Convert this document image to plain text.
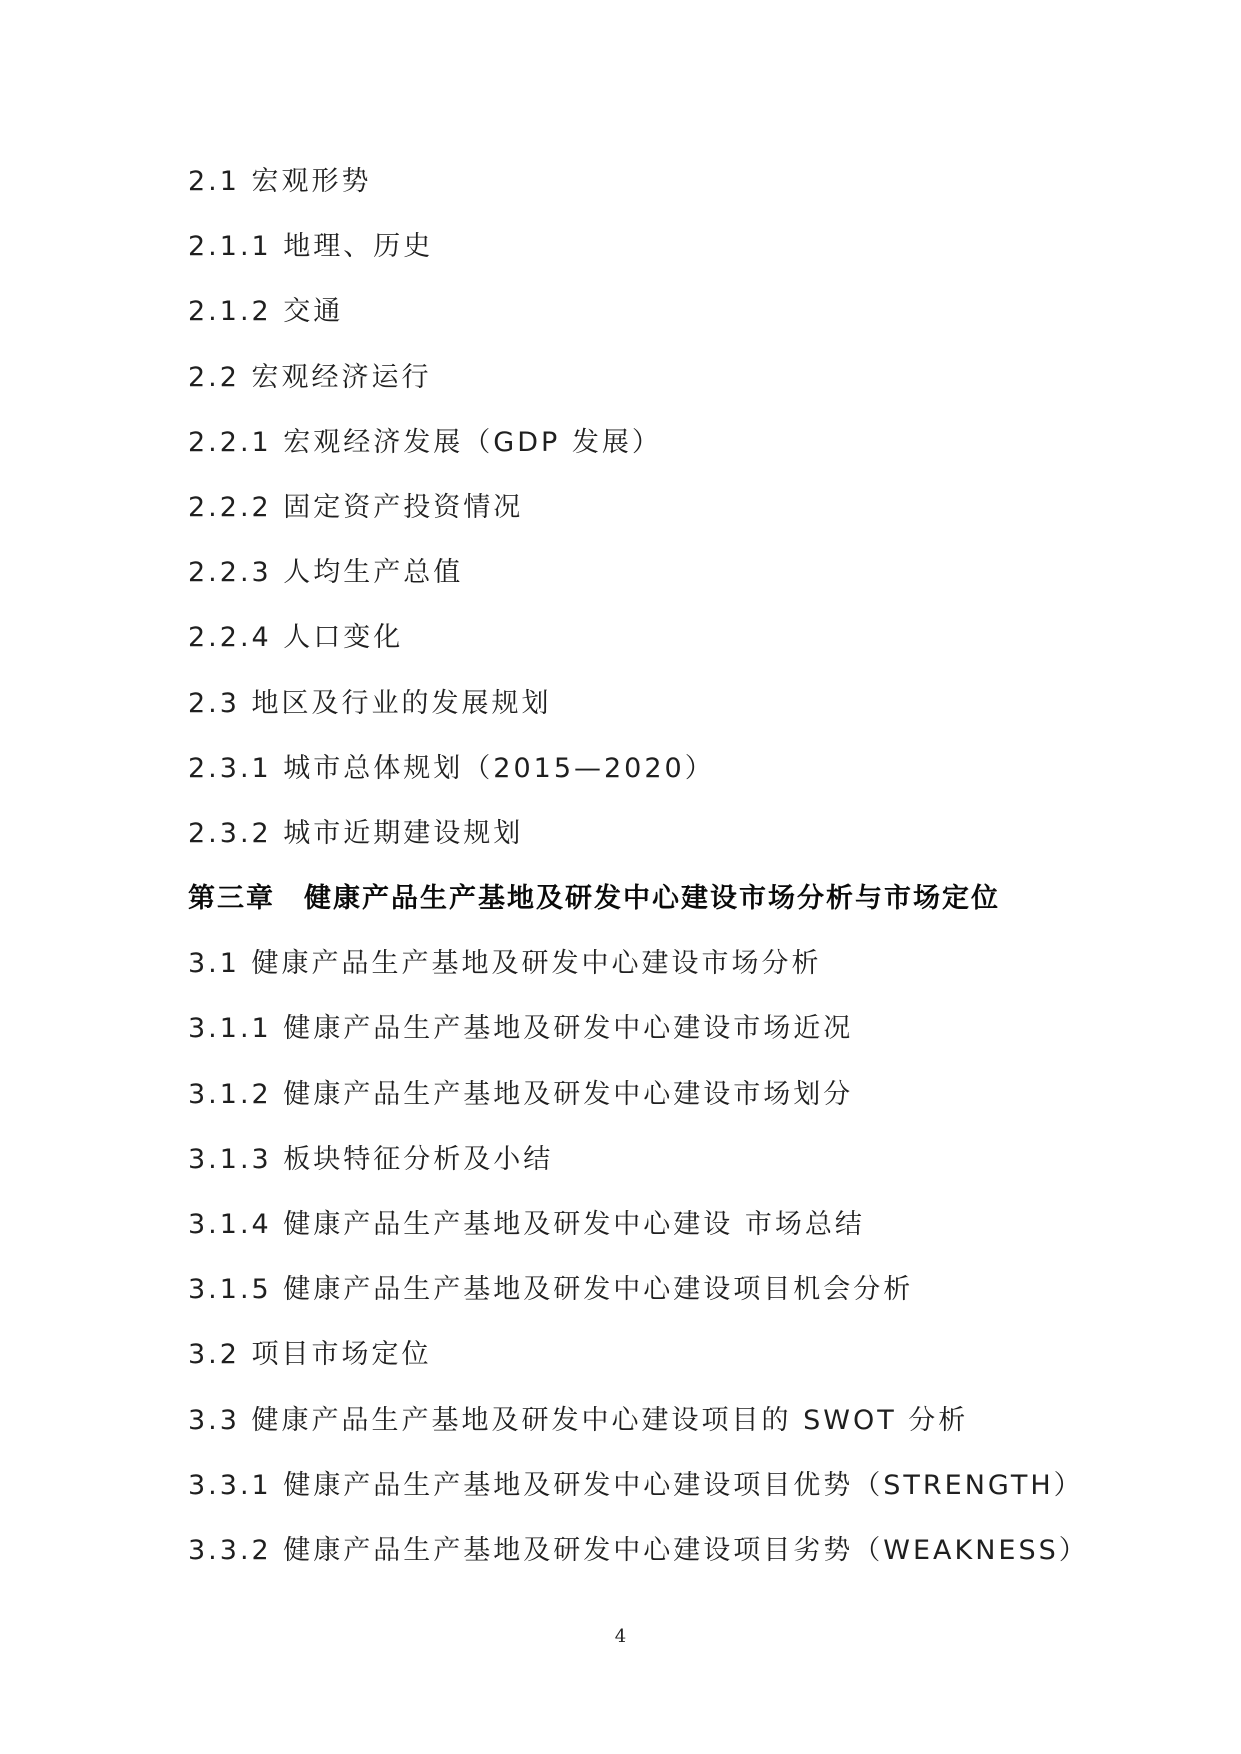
2.1 宏观形势
2.1.1 地理、历史
2.1.2 交通
2.2 宏观经济运行
2.2.1 宏观经济发展（GDP 发展）
2.2.2 固定资产投资情况
2.2.3 人均生产总值
2.2.4 人口变化
2.3 地区及行业的发展规划
2.3.1 城市总体规划（2015—2020）
2.3.2 城市近期建设规划
第三章　健康产品生产基地及研发中心建设市场分析与市场定位
3.1 健康产品生产基地及研发中心建设市场分析
3.1.1 健康产品生产基地及研发中心建设市场近况
3.1.2 健康产品生产基地及研发中心建设市场划分
3.1.3 板块特征分析及小结
3.1.4 健康产品生产基地及研发中心建设 市场总结
3.1.5 健康产品生产基地及研发中心建设项目机会分析
3.2 项目市场定位
3.3 健康产品生产基地及研发中心建设项目的 SWOT 分析
3.3.1 健康产品生产基地及研发中心建设项目优势（STRENGTH）
3.3.2 健康产品生产基地及研发中心建设项目劣势（WEAKNESS）
4
